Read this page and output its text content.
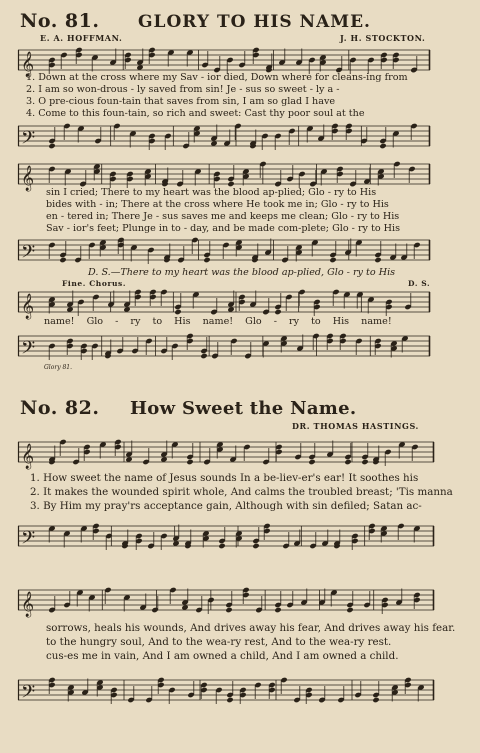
No. 81. GLORY TO HIS NAME.
E. A. HOFFMAN.	J. H. STOCKTON.
𝄞
1. Down at the cross where my Sav - ior died, Down where for cleans-ing from
2. I am so won-drous - ly saved from sin! Je - sus so sweet - ly a -
3. O pre-cious foun-tain that saves from sin, I am so glad I have
4. Come to this foun-tain, so rich and sweet: Cast thy poor soul at the
𝄢
𝄞
sin I cried; There to my heart was the blood ap-plied; Glo - ry to His
bides with - in; There at the cross where He took me in; Glo - ry to His
en - tered in; There Je - sus saves me and keeps me clean; Glo - ry to His
Sav - ior's feet; Plunge in to - day, and be made com-plete; Glo - ry to His
𝄢
D. S.—There to my heart was the blood ap-plied, Glo - ry to His
Fine. Chorus.	D. S.
𝄞
name! Glo - ry to His name! Glo - ry to His name!
𝄢
Glory 81.
No. 82. How Sweet the Name.
DR. THOMAS HASTINGS.
𝄞
1. How sweet the name of Jesus sounds In a be-liev-er's ear! It soothes his
2. It makes the wounded spirit whole, And calms the troubled breast; 'Tis manna
3. By Him my pray'rs acceptance gain, Although with sin defiled; Satan ac-
𝄢
𝄞
sorrows, heals his wounds, And drives away his fear, And drives away his fear.
to the hungry soul, And to the wea-ry rest, And to the wea-ry rest.
cus-es me in vain, And I am owned a child, And I am owned a child.
𝄢
